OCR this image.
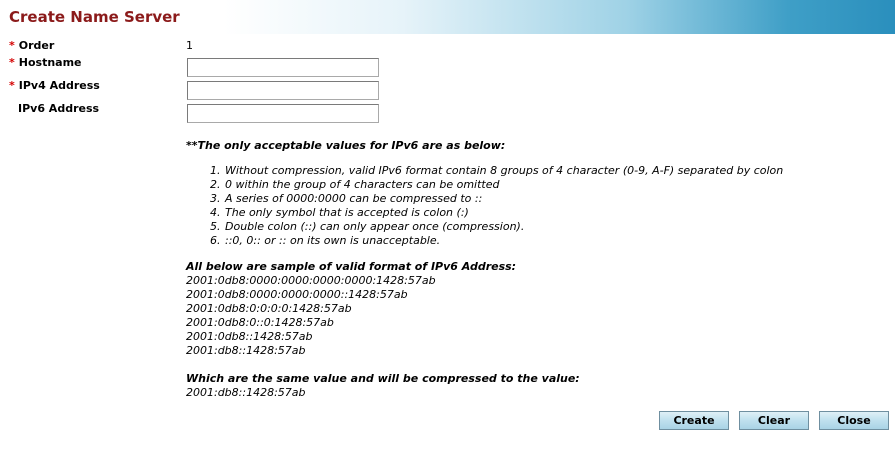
Create Name Server
* Order	1
* Hostname
* IPv4 Address
IPv6 Address
**The only acceptable values for IPv6 are as below:
1. Without compression, valid IPv6 format contain 8 groups of 4 character (0-9, A-F) separated by colon
2. 0 within the group of 4 characters can be omitted
3. A series of 0000:0000 can be compressed to ::
4. The only symbol that is accepted is colon (:)
5. Double colon (::) can only appear once (compression).
6. ::0, 0:: or :: on its own is unacceptable.
All below are sample of valid format of IPv6 Address:
2001:0db8:0000:0000:0000:0000:1428:57ab
2001:0db8:0000:0000:0000::1428:57ab
2001:0db8:0:0:0:0:1428:57ab
2001:0db8:0::0:1428:57ab
2001:0db8::1428:57ab
2001:db8::1428:57ab
Which are the same value and will be compressed to the value:
2001:db8::1428:57ab
Create	Clear	Close
